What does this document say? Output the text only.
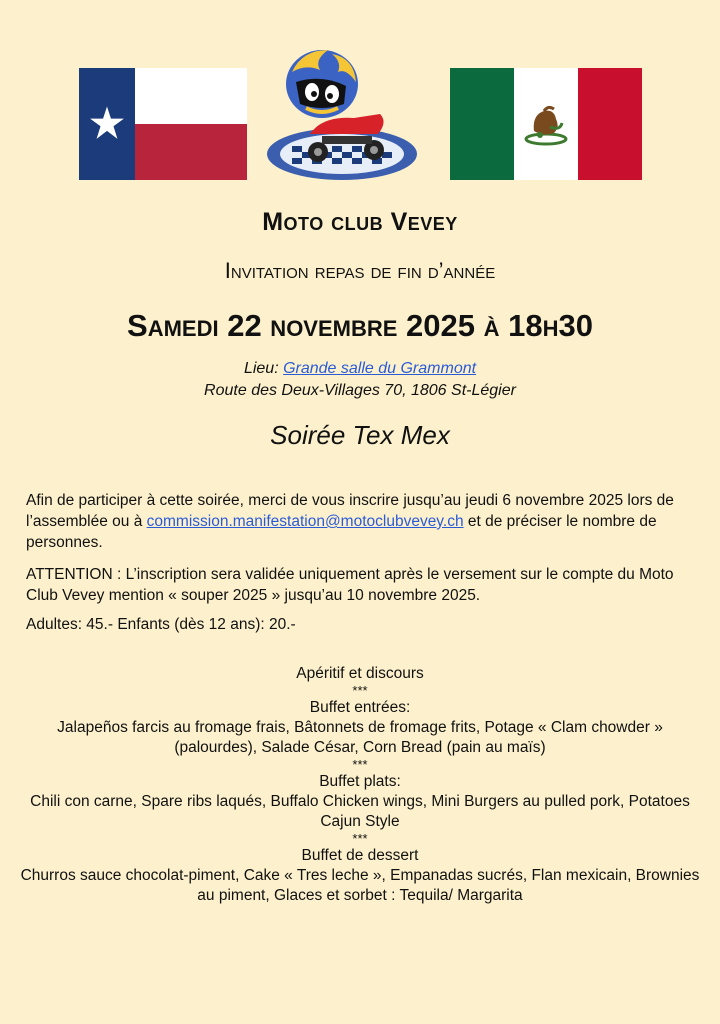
Moto club Vevey
Invitation repas de fin d’année
Samedi 22 novembre 2025 à 18h30
Lieu: Grande salle du Grammont
Route des Deux-Villages 70, 1806 St-Légier
Soirée Tex Mex
Afin de participer à cette soirée, merci de vous inscrire jusqu’au jeudi 6 novembre 2025 lors de l’assemblée ou à commission.manifestation@motoclubvevey.ch et de préciser le nombre de personnes.
ATTENTION : L’inscription sera validée uniquement après le versement sur le compte du Moto Club Vevey mention « souper 2025 » jusqu’au 10 novembre 2025.
Adultes: 45.- Enfants (dès 12 ans): 20.-
Apéritif et discours
***
Buffet entrées:
Jalapeños farcis au fromage frais, Bâtonnets de fromage frits, Potage « Clam chowder » (palourdes), Salade César, Corn Bread (pain au maïs)
***
Buffet plats:
Chili con carne, Spare ribs laqués, Buffalo Chicken wings, Mini Burgers au pulled pork, Potatoes Cajun Style
***
Buffet de dessert
Churros sauce chocolat-piment, Cake « Tres leche », Empanadas sucrés, Flan mexicain, Brownies au piment, Glaces et sorbet : Tequila/ Margarita
